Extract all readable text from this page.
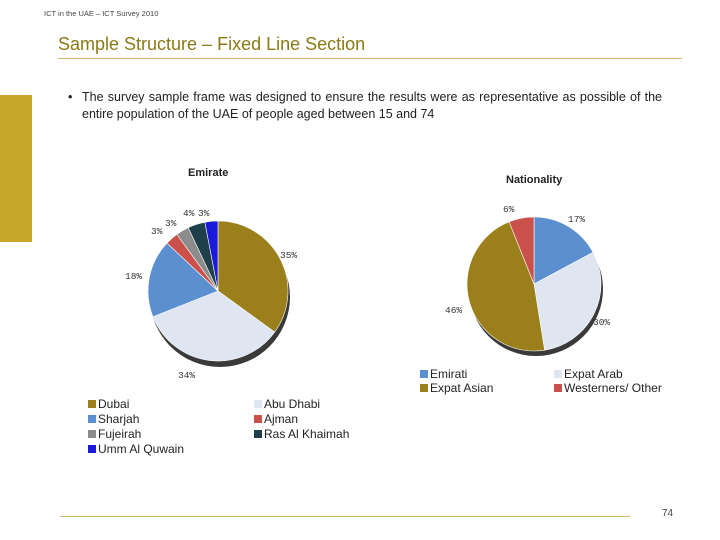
ICT in the UAE – ICT Survey 2010
Sample Structure – Fixed Line Section
• The survey sample frame was designed to ensure the results were as representative as possible of the entire population of the UAE of people aged between 15 and 74
Emirate
Nationality
35%
34%
18%
3%
3%
4% 3%
17%
30%
46%
6%
Dubai	Abu Dhabi
Sharjah	Ajman
Fujeirah	Ras Al Khaimah
Umm Al Quwain
Emirati	Expat Arab
Expat Asian	Westerners/ Other
74
